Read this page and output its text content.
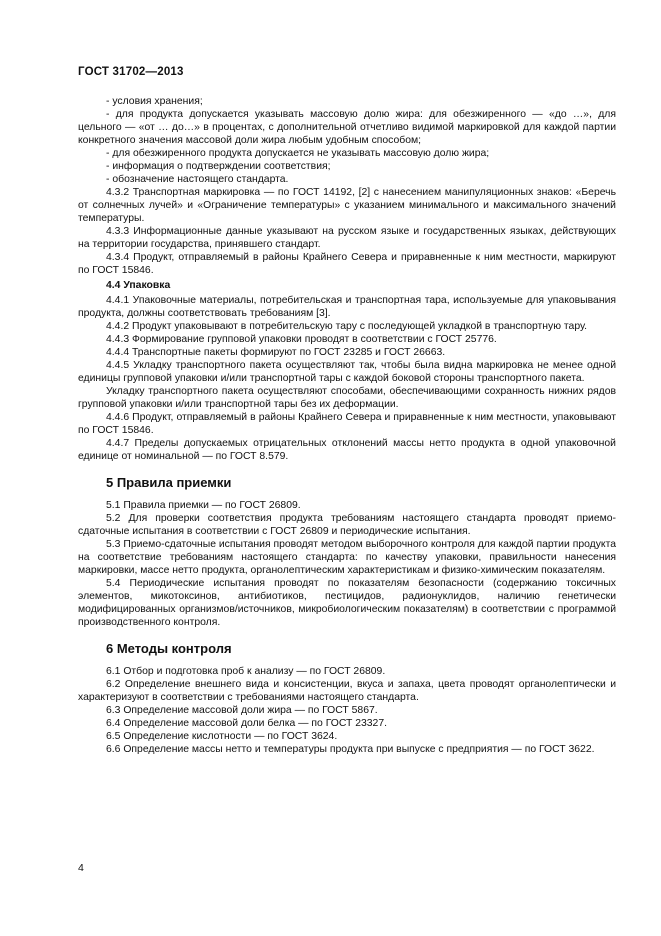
ГОСТ 31702—2013

- условия хранения;

- для продукта допускается указывать массовую долю жира: для обезжиренного — «до …», для цельного — «от … до…» в процентах, с дополнительной отчетливо видимой маркировкой для каждой партии конкретного значения массовой доли жира любым удобным способом;

- для обезжиренного продукта допускается не указывать массовую долю жира;

- информация о подтверждении соответствия;

- обозначение настоящего стандарта.

4.3.2 Транспортная маркировка — по ГОСТ 14192, [2] с нанесением манипуляционных знаков: «Беречь от солнечных лучей» и «Ограничение температуры» с указанием минимального и максимального значений температуры.

4.3.3 Информационные данные указывают на русском языке и государственных языках, действующих на территории государства, принявшего стандарт.

4.3.4 Продукт, отправляемый в районы Крайнего Севера и приравненные к ним местности, маркируют по ГОСТ 15846.

4.4 Упаковка

4.4.1 Упаковочные материалы, потребительская и транспортная тара, используемые для упаковывания продукта, должны соответствовать требованиям [3].

4.4.2 Продукт упаковывают в потребительскую тару с последующей укладкой в транспортную тару.

4.4.3 Формирование групповой упаковки проводят в соответствии с ГОСТ 25776.

4.4.4 Транспортные пакеты формируют по ГОСТ 23285 и ГОСТ 26663.

4.4.5 Укладку транспортного пакета осуществляют так, чтобы была видна маркировка не менее одной единицы групповой упаковки и/или транспортной тары с каждой боковой стороны транспортного пакета.

Укладку транспортного пакета осуществляют способами, обеспечивающими сохранность нижних рядов групповой упаковки и/или транспортной тары без их деформации.

4.4.6 Продукт, отправляемый в районы Крайнего Севера и приравненные к ним местности, упаковывают по ГОСТ 15846.

4.4.7 Пределы допускаемых отрицательных отклонений массы нетто продукта в одной упаковочной единице от номинальной — по ГОСТ 8.579.

5 Правила приемки

5.1 Правила приемки — по ГОСТ 26809.

5.2 Для проверки соответствия продукта требованиям настоящего стандарта проводят приемо-сдаточные испытания в соответствии с ГОСТ 26809 и периодические испытания.

5.3 Приемо-сдаточные испытания проводят методом выборочного контроля для каждой партии продукта на соответствие требованиям настоящего стандарта: по качеству упаковки, правильности нанесения маркировки, массе нетто продукта, органолептическим характеристикам и физико-химическим показателям.

5.4 Периодические испытания проводят по показателям безопасности (содержанию токсичных элементов, микотоксинов, антибиотиков, пестицидов, радионуклидов, наличию генетически модифицированных организмов/источников, микробиологическим показателям) в соответствии с программой производственного контроля.

6 Методы контроля

6.1 Отбор и подготовка проб к анализу — по ГОСТ 26809.

6.2 Определение внешнего вида и консистенции, вкуса и запаха, цвета проводят органолептически и характеризуют в соответствии с требованиями настоящего стандарта.

6.3 Определение массовой доли жира — по ГОСТ 5867.

6.4 Определение массовой доли белка — по ГОСТ 23327.

6.5 Определение кислотности — по ГОСТ 3624.

6.6 Определение массы нетто и температуры продукта при выпуске с предприятия — по ГОСТ 3622.

4
